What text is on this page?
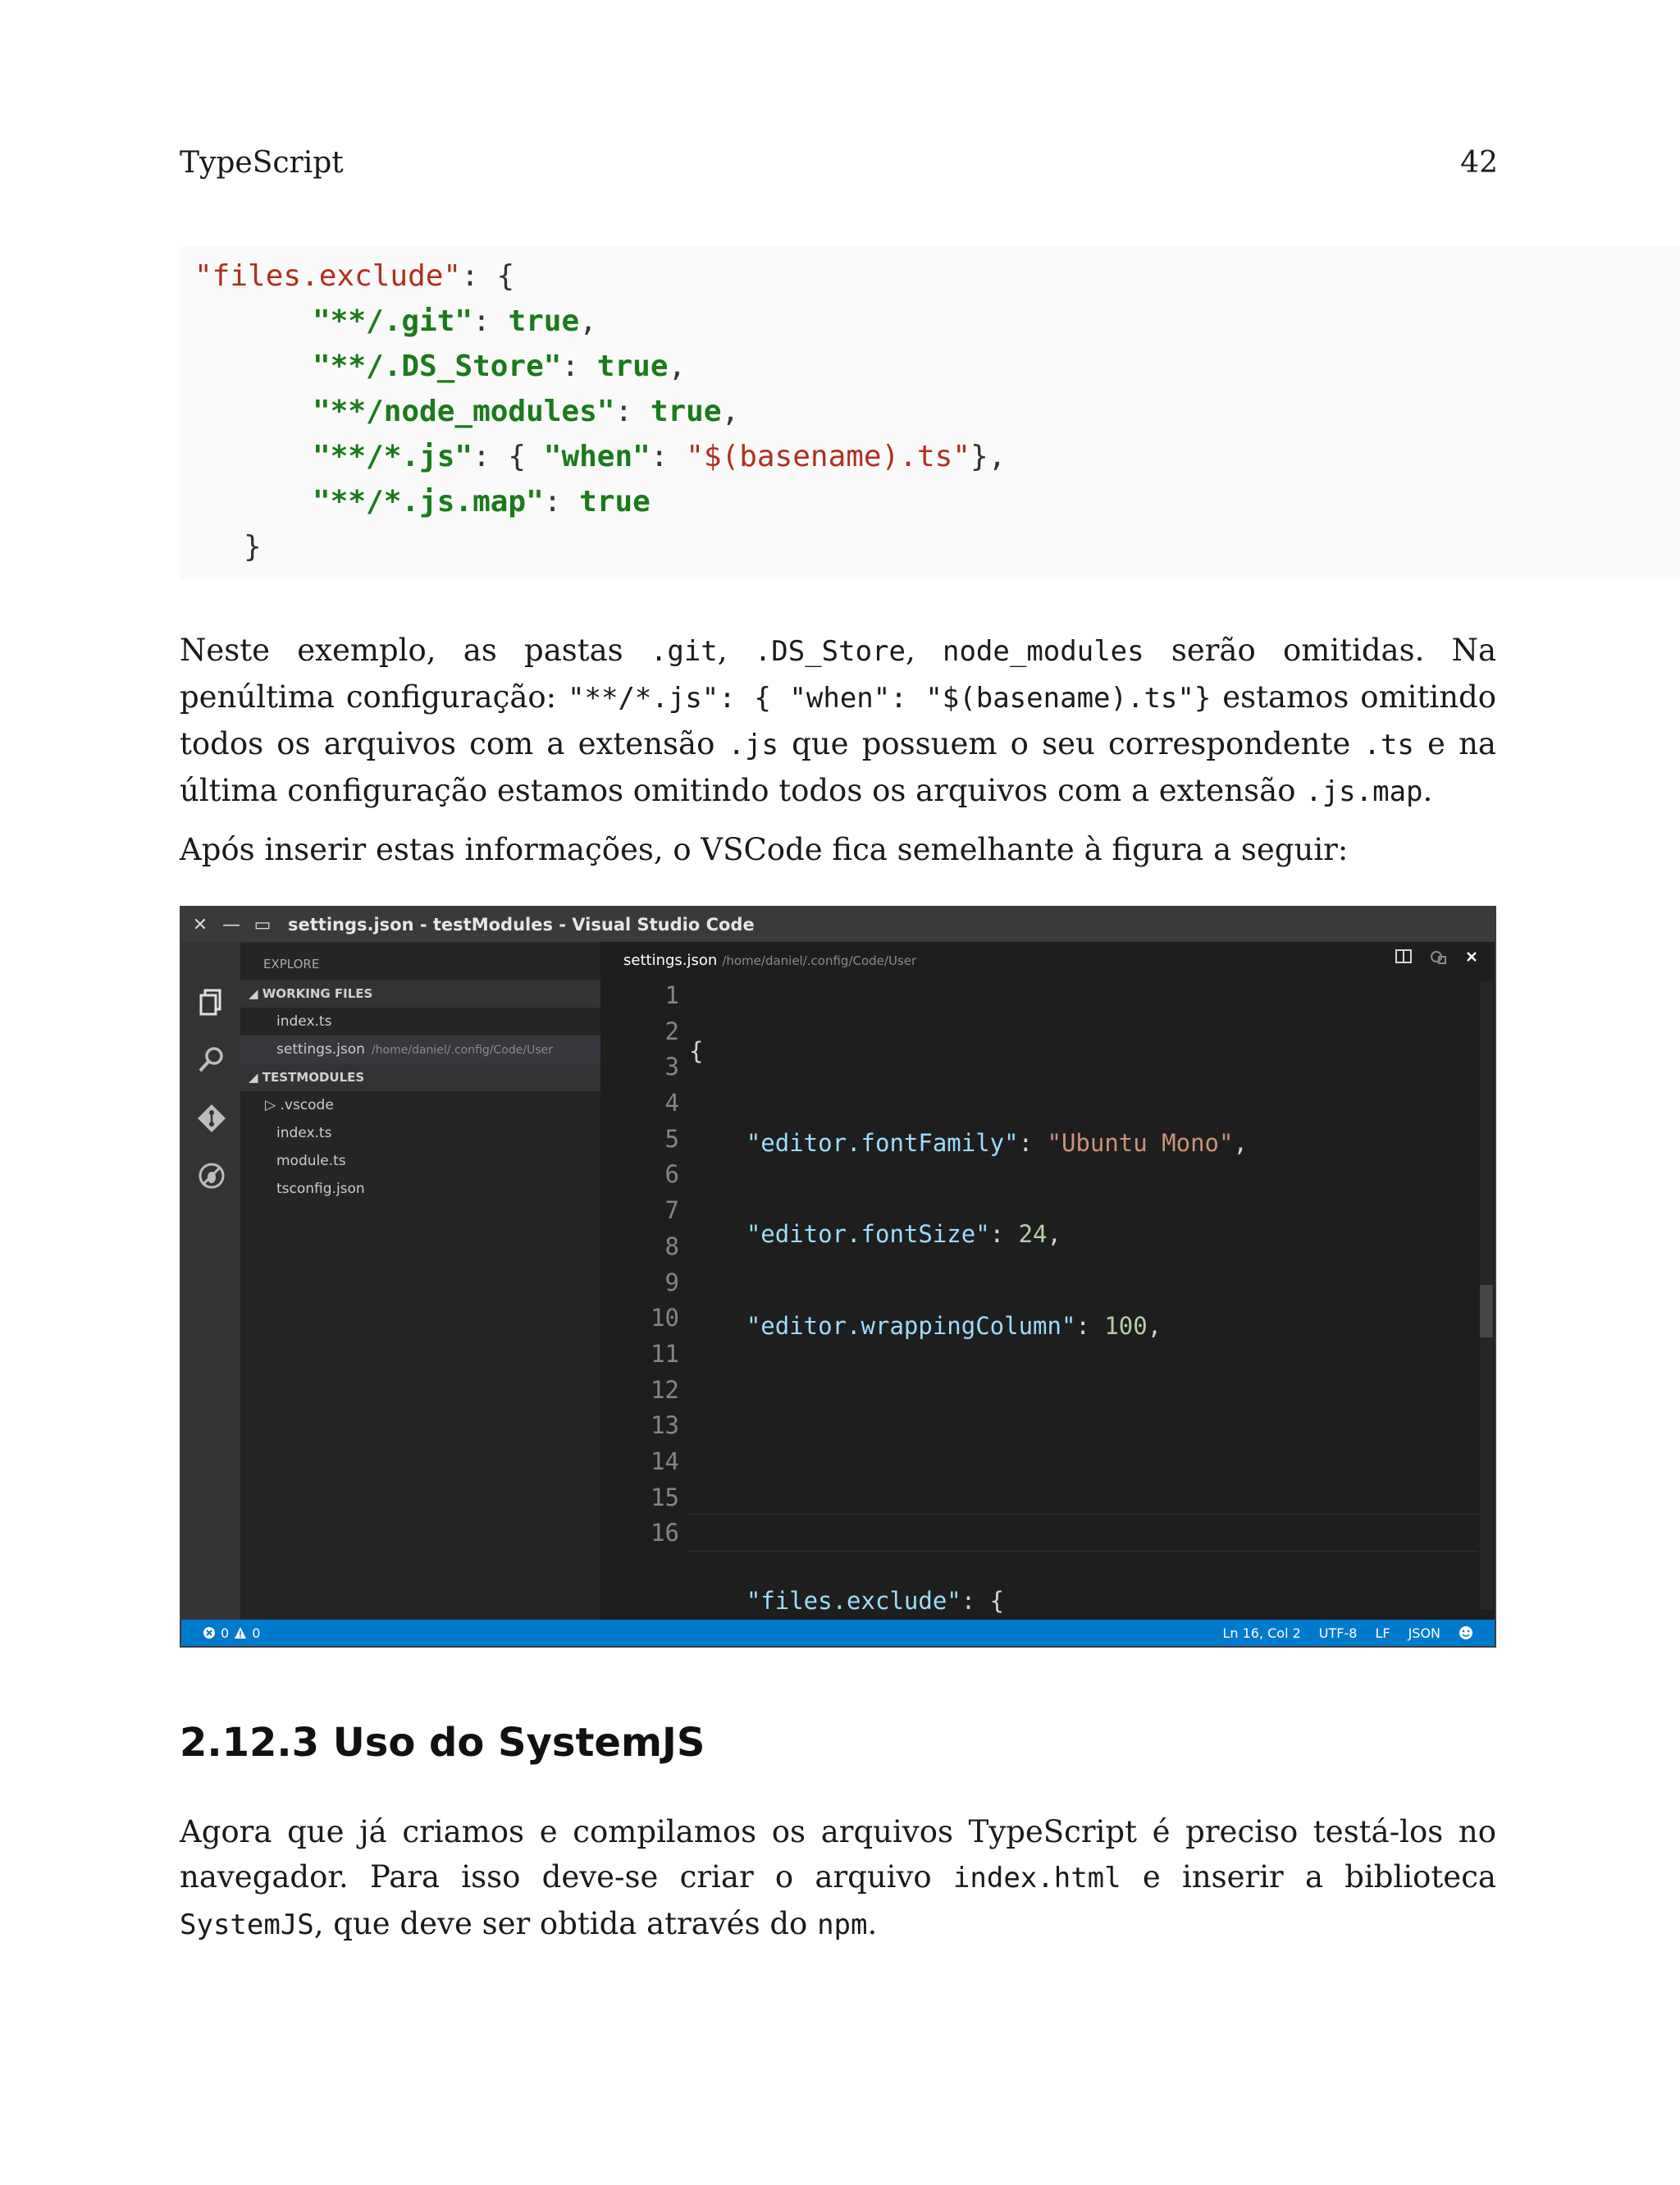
TypeScript	42
"files.exclude": {
"**/.git": true,
"**/.DS_Store": true,
"**/node_modules": true,
"**/*.js": { "when": "$(basename).ts"},
"**/*.js.map": true
}

Neste exemplo, as pastas .git, .DS_Store, node_modules serão omitidas. Na penúltima configuração: "**/*.js": { "when": "$(basename).ts"} estamos omitindo todos os arquivos com a extensão .js que possuem o seu correspondente .ts e na última configuração estamos omitindo todos os arquivos com a extensão .js.map.

Após inserir estas informações, o VSCode fica semelhante à figura a seguir:

✕ — ▭ settings.json - testModules - Visual Studio Code
EXPLORE
◢ WORKING FILES
index.ts
settings.json /home/daniel/.config/Code/User
◢ TESTMODULES
▷ .vscode
index.ts
module.ts
tsconfig.json
settings.json /home/daniel/.config/Code/User
1
2
3
4
5
6
7
8
9
10
11
12
13
14
15
16

{

"editor.fontFamily": "Ubuntu Mono",

"editor.fontSize": 24,

"editor.wrappingColumn": 100,

"files.exclude": {

0 0	Ln 16, Col 2 UTF-8 LF JSON
2.12.3 Uso do SystemJS

Agora que já criamos e compilamos os arquivos TypeScript é preciso testá-los no navegador. Para isso deve-se criar o arquivo index.html e inserir a biblioteca SystemJS, que deve ser obtida através do npm.
